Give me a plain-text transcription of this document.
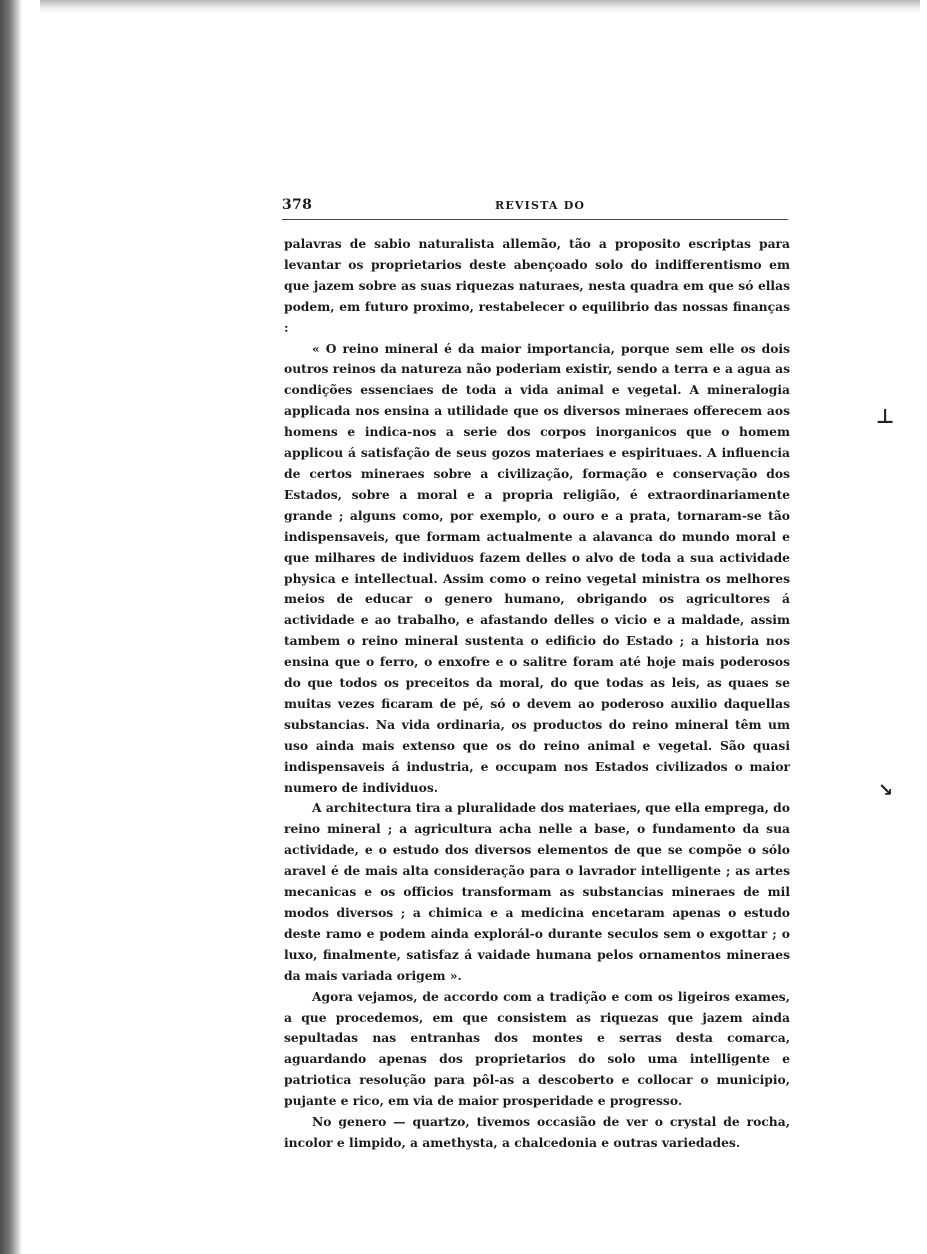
378	REVISTA DO

palavras de sabio naturalista allemão, tão a proposito escriptas para levantar os proprietarios deste abençoado solo do indifferentismo em que jazem sobre as suas riquezas naturaes, nesta quadra em que só ellas podem, em futuro proximo, restabelecer o equilibrio das nossas finanças :

« O reino mineral é da maior importancia, porque sem elle os dois outros reinos da natureza não poderiam existir, sendo a terra e a agua as condições essenciaes de toda a vida animal e vegetal. A mineralogia applicada nos ensina a utilidade que os diversos mineraes offerecem aos homens e indica-nos a serie dos corpos inorganicos que o homem applicou á satisfação de seus gozos materiaes e espirituaes. A influencia de certos mineraes sobre a civilização, formação e conservação dos Estados, sobre a moral e a propria religião, é extraordinariamente grande ; alguns como, por exemplo, o ouro e a prata, tornaram-se tão indispensaveis, que formam actualmente a alavanca do mundo moral e que milhares de individuos fazem delles o alvo de toda a sua actividade physica e intellectual. Assim como o reino vegetal ministra os melhores meios de educar o genero humano, obrigando os agricultores á actividade e ao trabalho, e afastando delles o vicio e a maldade, assim tambem o reino mineral sustenta o edificio do Estado ; a historia nos ensina que o ferro, o enxofre e o salitre foram até hoje mais poderosos do que todos os preceitos da moral, do que todas as leis, as quaes se muitas vezes ficaram de pé, só o devem ao poderoso auxilio daquellas substancias. Na vida ordinaria, os productos do reino mineral têm um uso ainda mais extenso que os do reino animal e vegetal. São quasi indispensaveis á industria, e occupam nos Estados civilizados o maior numero de individuos.

A architectura tira a pluralidade dos materiaes, que ella emprega, do reino mineral ; a agricultura acha nelle a base, o fundamento da sua actividade, e o estudo dos diversos elementos de que se compõe o sólo aravel é de mais alta consideração para o lavrador intelligente ; as artes mecanicas e os officios transformam as substancias mineraes de mil modos diversos ; a chimica e a medicina encetaram apenas o estudo deste ramo e podem ainda explorál-o durante seculos sem o exgottar ; o luxo, finalmente, satisfaz á vaidade humana pelos ornamentos mineraes da mais variada origem ».

Agora vejamos, de accordo com a tradição e com os ligeiros exames, a que procedemos, em que consistem as riquezas que jazem ainda sepultadas nas entranhas dos montes e serras desta comarca, aguardando apenas dos proprietarios do solo uma intelligente e patriotica resolução para pôl-as a descoberto e collocar o municipio, pujante e rico, em via de maior prosperidade e progresso.

No genero — quartzo, tivemos occasião de ver o crystal de rocha, incolor e limpido, a amethysta, a chalcedonia e outras variedades.

⊥
↘
